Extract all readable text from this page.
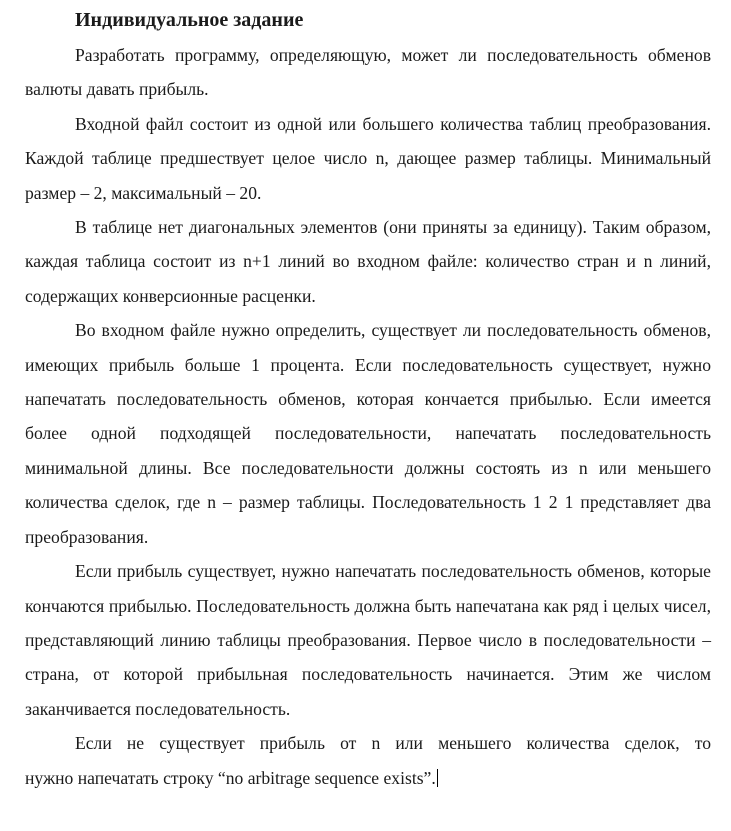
Индивидуальное задание

Разработать программу, определяющую, может ли последовательность обменов валюты давать прибыль.

Входной файл состоит из одной или большего количества таблиц преобразования. Каждой таблице предшествует целое число n, дающее размер таблицы. Минимальный размер – 2, максимальный – 20.

В таблице нет диагональных элементов (они приняты за единицу). Таким образом, каждая таблица состоит из n+1 линий во входном файле: количество стран и n линий, содержащих конверсионные расценки.

Во входном файле нужно определить, существует ли последовательность обменов, имеющих прибыль больше 1 процента. Если последовательность существует, нужно напечатать последовательность обменов, которая кончается прибылью. Если имеется более одной подходящей последовательности, напечатать последовательность минимальной длины. Все последовательности должны состоять из n или меньшего количества сделок, где n – размер таблицы. Последовательность 1 2 1 представляет два преобразования.

Если прибыль существует, нужно напечатать последовательность обменов, которые кончаются прибылью. Последовательность должна быть напечатана как ряд i целых чисел, представляющий линию таблицы преобразования. Первое число в последовательности – страна, от которой прибыльная последовательность начинается. Этим же числом заканчивается последовательность.

Если не существует прибыль от n или меньшего количества сделок, то

нужно напечатать строку “no arbitrage sequence exists”.
